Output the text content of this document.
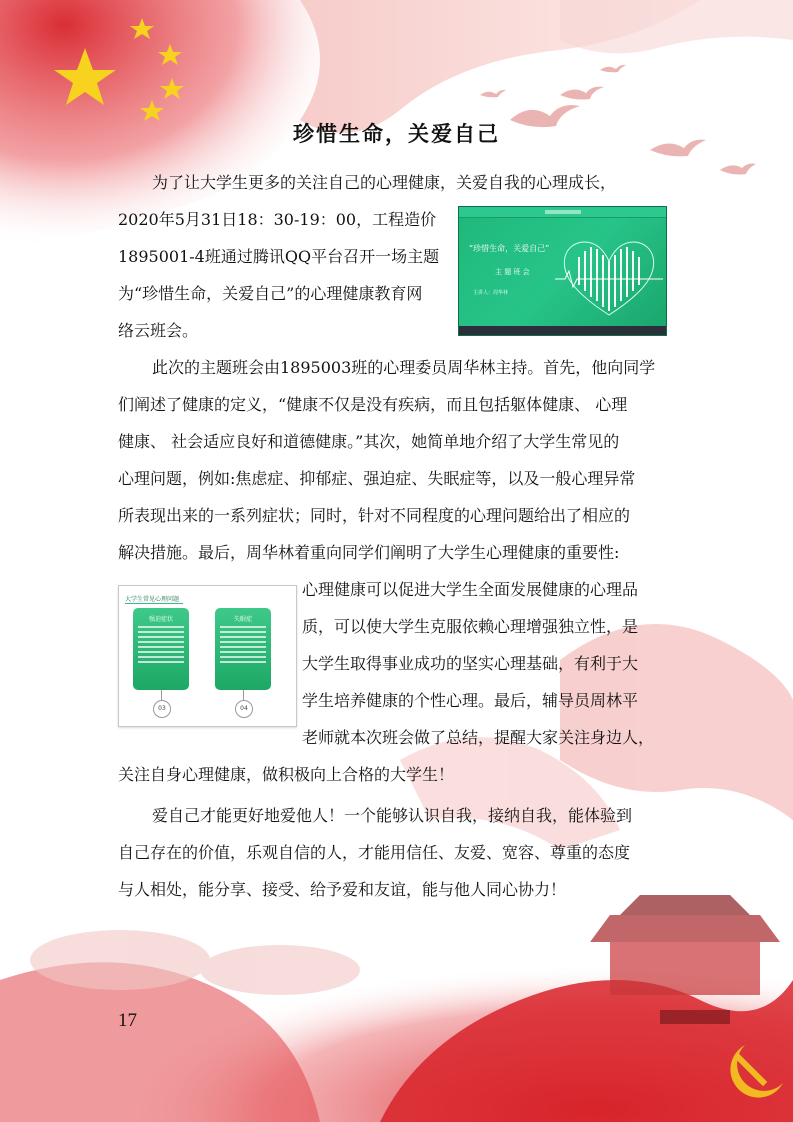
珍惜生命，关爱自己
为了让大学生更多的关注自己的心理健康，关爱自我的心理成长，
2020年5月31日18：30-19：00，工程造价
1895001-4班通过腾讯QQ平台召开一场主题
为“珍惜生命，关爱自己”的心理健康教育网
络云班会。
“珍惜生命，关爱自己”
主 题 班 会
主讲人：周华林
此次的主题班会由1895003班的心理委员周华林主持。首先，他向同学
们阐述了健康的定义，“健康不仅是没有疾病，而且包括躯体健康、 心理
健康、 社会适应良好和道德健康。”其次，她简单地介绍了大学生常见的
心理问题，例如:焦虑症、抑郁症、强迫症、失眠症等，以及一般心理异常
所表现出来的一系列症状；同时，针对不同程度的心理问题给出了相应的
解决措施。最后，周华林着重向同学们阐明了大学生心理健康的重要性:
心理健康可以促进大学生全面发展健康的心理品
质，可以使大学生克服依赖心理增强独立性，是
大学生取得事业成功的坚实心理基础，有利于大
学生培养健康的个性心理。最后，辅导员周林平
老师就本次班会做了总结，提醒大家关注身边人，
关注自身心理健康，做积极向上合格的大学生！
大学生常见心理问题
强迫症状
03
失眠症
04
爱自己才能更好地爱他人！一个能够认识自我，接纳自我，能体验到
自己存在的价值，乐观自信的人，才能用信任、友爱、宽容、尊重的态度
与人相处，能分享、接受、给予爱和友谊，能与他人同心协力！
17
